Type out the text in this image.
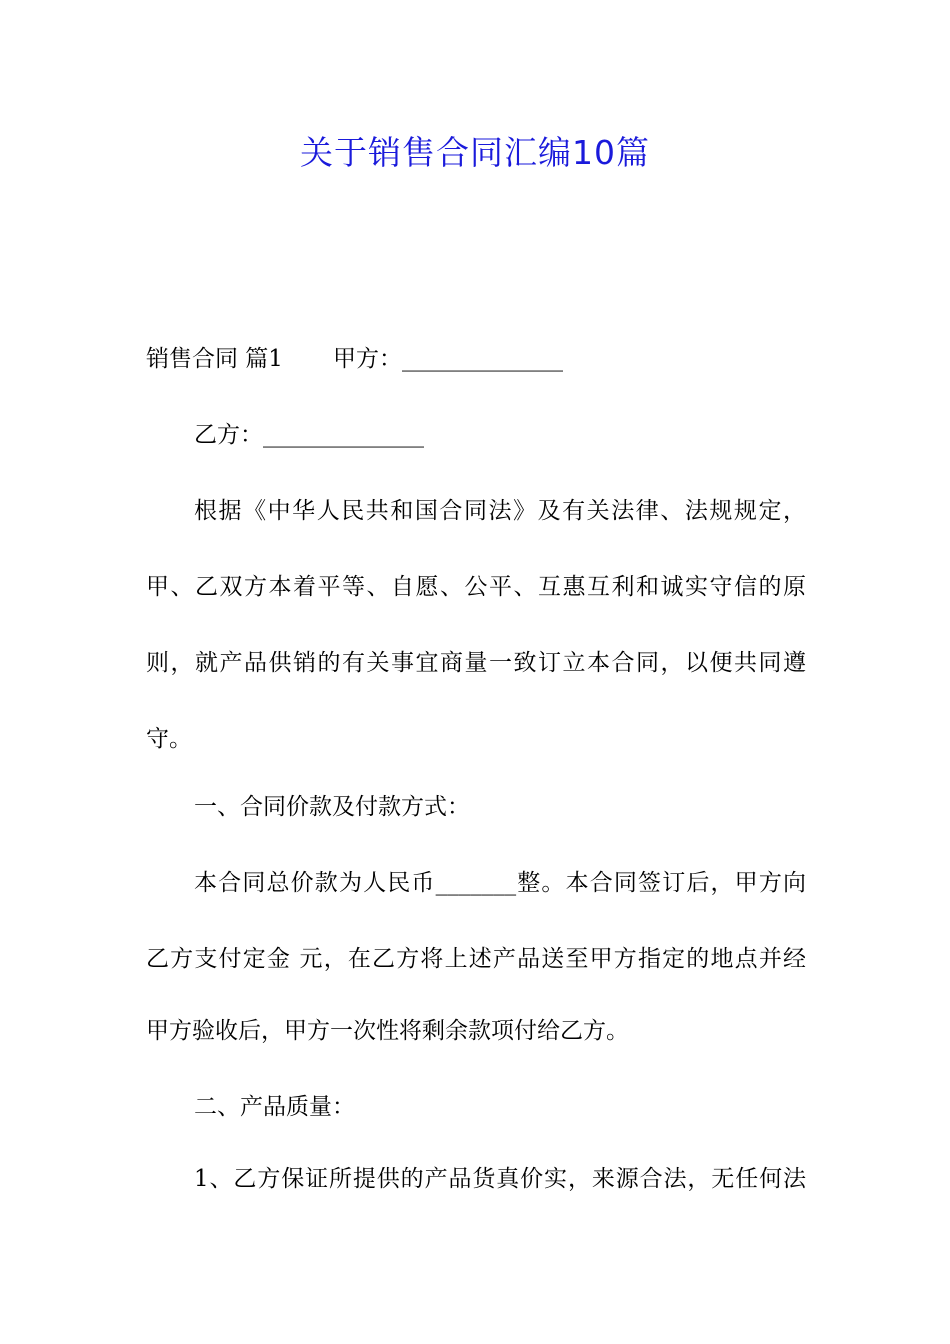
关于销售合同汇编10篇
销售合同 篇1 甲方：______________
乙方：______________
根据《中华人民共和国合同法》及有关法律、法规规定，
甲、乙双方本着平等、自愿、公平、互惠互利和诚实守信的原
则，就产品供销的有关事宜商量一致订立本合同，以便共同遵
守。
一、合同价款及付款方式：
本合同总价款为人民币_______整。本合同签订后，甲方向
乙方支付定金 元，在乙方将上述产品送至甲方指定的地点并经
甲方验收后，甲方一次性将剩余款项付给乙方。
二、产品质量：
1、乙方保证所提供的产品货真价实，来源合法，无任何法
